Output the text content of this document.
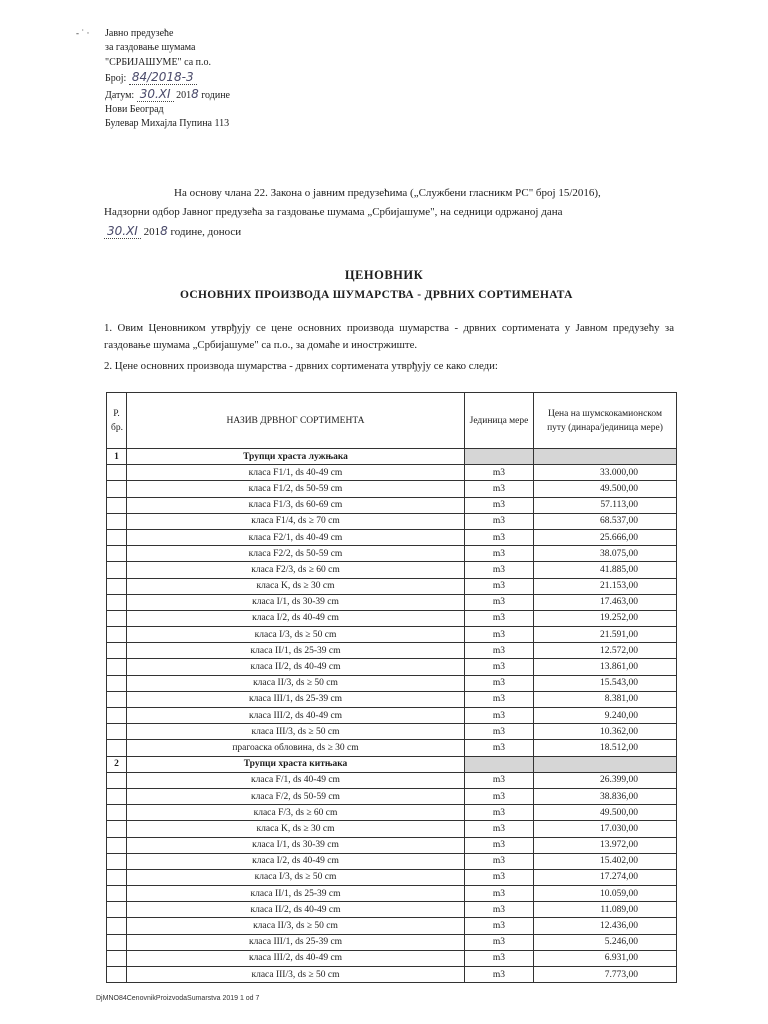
- ˙ · Јавно предузеће
за газдовање шумама
"СРБИЈАШУМЕ" са п.о.
Број: 84/2018-3
Датум: 30.XI 2018 године
Нови Београд
Булевар Михајла Пупина 113
На основу члана 22. Закона о јавним предузећима („Службени гласникм РС" број 15/2016),
Надзорни одбор Јавног предузећа за газдовање шумама „Србијашуме", на седници одржаној дана
30.XI 2018 године, доноси
ЦЕНОВНИК
ОСНОВНИХ ПРОИЗВОДА ШУМАРСТВА - ДРВНИХ СОРТИМЕНАТА
1. Овим Ценовником утврђују се цене основних производа шумарства - дрвних сортимената у Јавном предузећу за газдовање шумама „Србијашуме" са п.о., за домаће и иностржиште.
2. Цене основних производа шумарства - дрвних сортимената утврђују се како следи:
Р. бр.	НАЗИВ ДРВНОГ СОРТИМЕНТА	Јединица мере	Цена на шумскокамионском путу (динара/јединица мере)
1	Трупци храста лужњака		
	класа F1/1, ds 40-49 cm	m3	33.000,00
	класа F1/2, ds 50-59 cm	m3	49.500,00
	класа F1/3, ds 60-69 cm	m3	57.113,00
	класа F1/4, ds ≥ 70 cm	m3	68.537,00
	класа F2/1, ds 40-49 cm	m3	25.666,00
	класа F2/2, ds 50-59 cm	m3	38.075,00
	класа F2/3, ds ≥ 60 cm	m3	41.885,00
	класа K, ds ≥ 30 cm	m3	21.153,00
	класа I/1, ds 30-39 cm	m3	17.463,00
	класа I/2, ds 40-49 cm	m3	19.252,00
	класа I/3, ds ≥ 50 cm	m3	21.591,00
	класа II/1, ds 25-39 cm	m3	12.572,00
	класа II/2, ds 40-49 cm	m3	13.861,00
	класа II/3, ds ≥ 50 cm	m3	15.543,00
	класа III/1, ds 25-39 cm	m3	8.381,00
	класа III/2, ds 40-49 cm	m3	9.240,00
	класа III/3, ds ≥ 50 cm	m3	10.362,00
	прагоаска обловина, ds ≥ 30 cm	m3	18.512,00
2	Трупци храста китњака		
	класа F/1, ds 40-49 cm	m3	26.399,00
	класа F/2, ds 50-59 cm	m3	38.836,00
	класа F/3, ds ≥ 60 cm	m3	49.500,00
	класа K, ds ≥ 30 cm	m3	17.030,00
	класа I/1, ds 30-39 cm	m3	13.972,00
	класа I/2, ds 40-49 cm	m3	15.402,00
	класа I/3, ds ≥ 50 cm	m3	17.274,00
	класа II/1, ds 25-39 cm	m3	10.059,00
	класа II/2, ds 40-49 cm	m3	11.089,00
	класа II/3, ds ≥ 50 cm	m3	12.436,00
	класа III/1, ds 25-39 cm	m3	5.246,00
	класа III/2, ds 40-49 cm	m3	6.931,00
	класа III/3, ds ≥ 50 cm	m3	7.773,00
DjMNO84CenovnikProizvodaSumarstva 2019 1 od 7
